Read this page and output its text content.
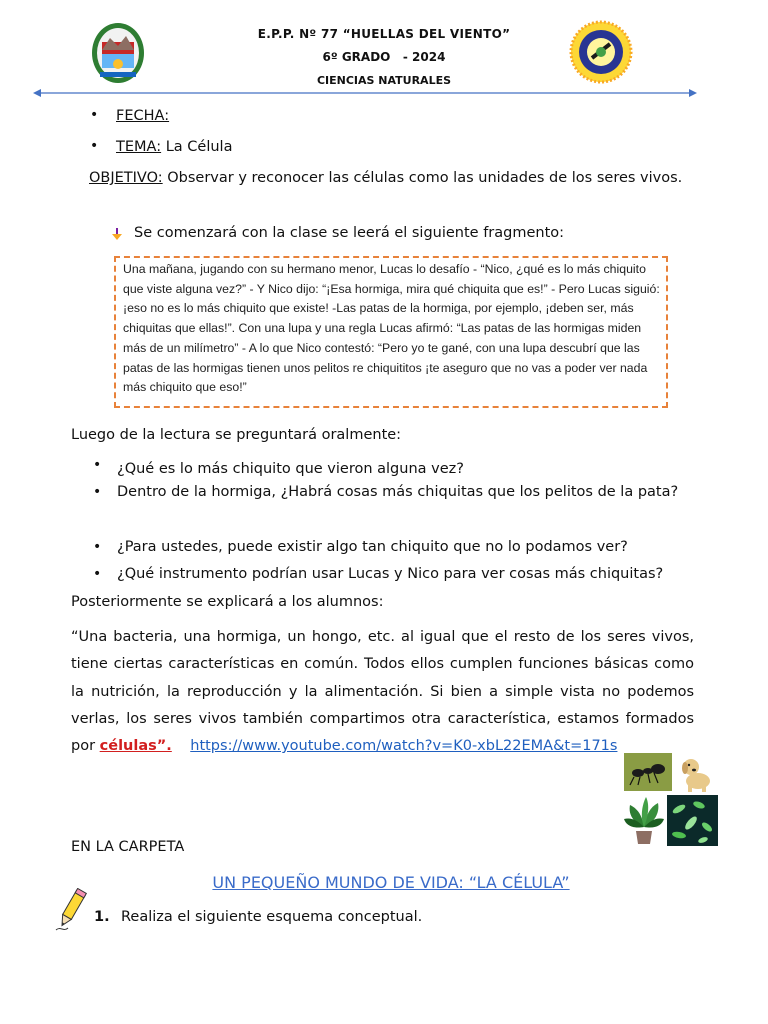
E.P.P. Nº 77 “HUELLAS DEL VIENTO”
6º GRADO   - 2024
CIENCIAS NATURALES
• FECHA:
• TEMA: La Célula
OBJETIVO: Observar y reconocer las células como las unidades de los seres vivos.
Se comenzará con la clase se leerá el siguiente fragmento:
Una mañana, jugando con su hermano menor, Lucas lo desafío - “Nico, ¿qué es lo más chiquito que viste alguna vez?” - Y Nico dijo: “¡Esa hormiga, mira qué chiquita que es!” - Pero Lucas siguió: ¡eso no es lo más chiquito que existe! -Las patas de la hormiga, por ejemplo, ¡deben ser, más chiquitas que ellas!”. Con una lupa y una regla Lucas afirmó: “Las patas de las hormigas miden más de un milímetro” - A lo que Nico contestó: “Pero yo te gané, con una lupa descubrí que las patas de las hormigas tienen unos pelitos re chiquititos ¡te aseguro que no vas a poder ver nada más chiquito que eso!”
Luego de la lectura se preguntará oralmente:
• ¿Qué es lo más chiquito que vieron alguna vez?
• Dentro de la hormiga, ¿Habrá cosas más chiquitas que los pelitos de la pata?
• ¿Para ustedes, puede existir algo tan chiquito que no lo podamos ver?
• ¿Qué instrumento podrían usar Lucas y Nico para ver cosas más chiquitas?
Posteriormente se explicará a los alumnos:
“Una bacteria, una hormiga, un hongo, etc. al igual que el resto de los seres vivos, tiene ciertas características en común. Todos ellos cumplen funciones básicas como la nutrición, la reproducción y la alimentación. Si bien a simple vista no podemos verlas, los seres vivos también compartimos otra característica, estamos formados por células”. https://www.youtube.com/watch?v=K0-xbL22EMA&t=171s
EN LA CARPETA
UN PEQUEÑO MUNDO DE VIDA: “LA CÉLULA”
1. Realiza el siguiente esquema conceptual.
